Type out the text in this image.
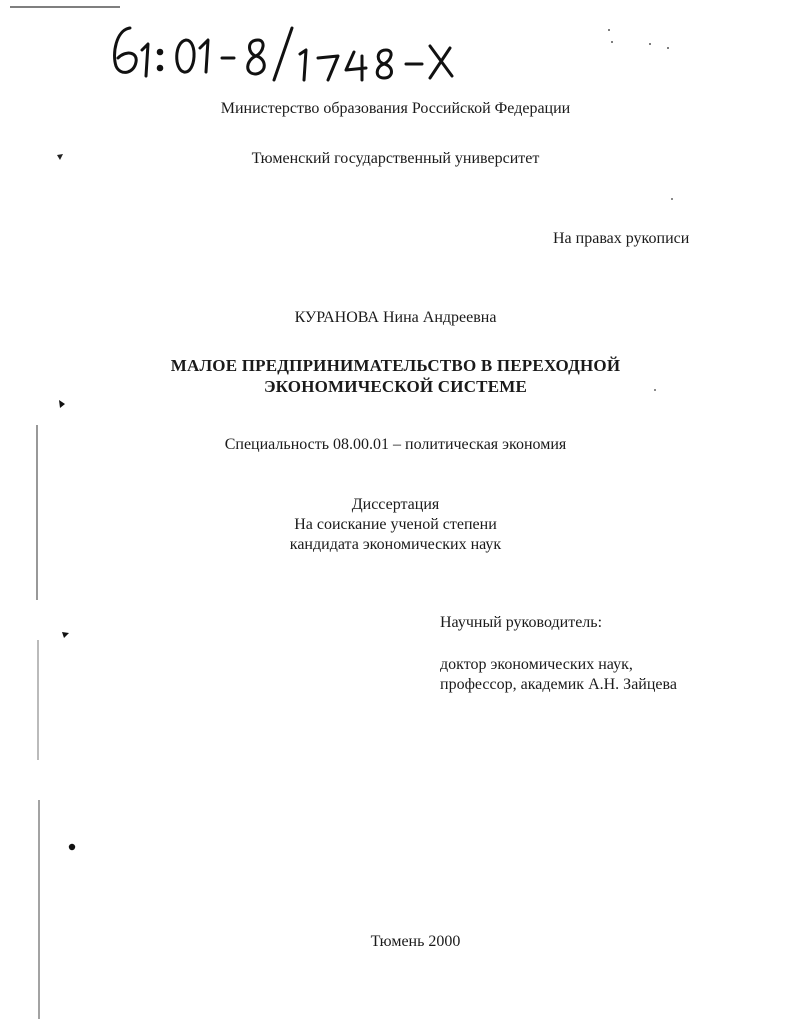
Министерство образования Российской Федерации
Тюменский государственный университет
На правах рукописи
КУРАНОВА Нина Андреевна
МАЛОЕ ПРЕДПРИНИМАТЕЛЬСТВО В ПЕРЕХОДНОЙ
ЭКОНОМИЧЕСКОЙ СИСТЕМЕ
Специальность 08.00.01 – политическая экономия
Диссертация
На соискание ученой степени
кандидата экономических наук
Научный руководитель:
доктор экономических наук,
профессор, академик А.Н. Зайцева
Тюмень 2000
